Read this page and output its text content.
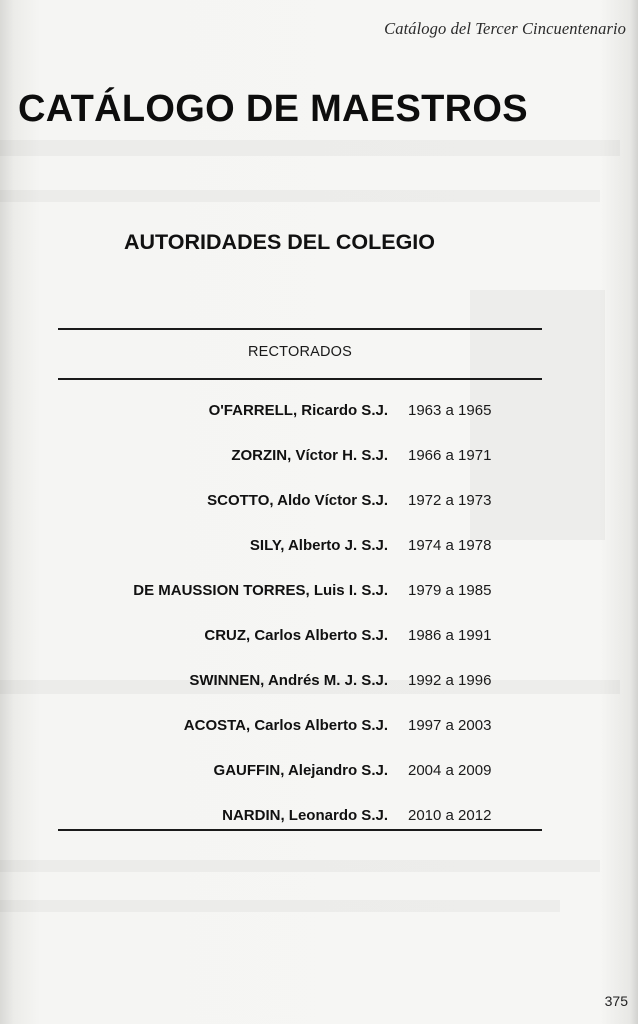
Catálogo del Tercer Cincuentenario
CATÁLOGO DE MAESTROS
AUTORIDADES DEL COLEGIO
RECTORADOS
O'FARRELL, Ricardo S.J. 1963 a 1965
ZORZIN, Víctor H. S.J. 1966 a 1971
SCOTTO, Aldo Víctor S.J. 1972 a 1973
SILY, Alberto J. S.J. 1974 a 1978
DE MAUSSION TORRES, Luis I. S.J. 1979 a 1985
CRUZ, Carlos Alberto S.J. 1986 a 1991
SWINNEN, Andrés M. J. S.J. 1992 a 1996
ACOSTA, Carlos Alberto S.J. 1997 a 2003
GAUFFIN, Alejandro S.J. 2004 a 2009
NARDIN, Leonardo S.J. 2010 a 2012
375
